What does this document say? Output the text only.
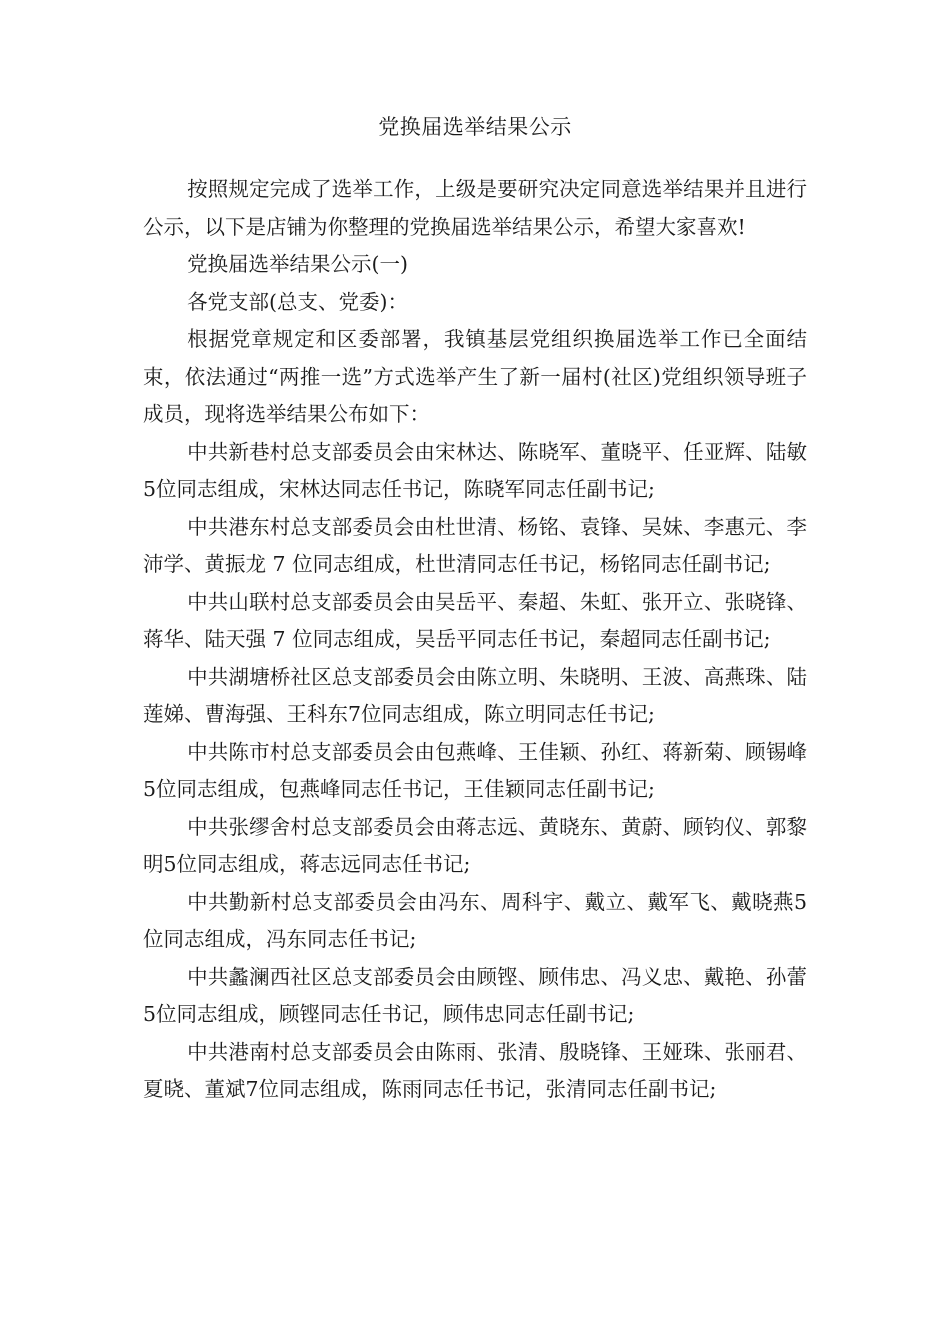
党换届选举结果公示

按照规定完成了选举工作，上级是要研究决定同意选举结果并且进行公示，以下是店铺为你整理的党换届选举结果公示，希望大家喜欢!

党换届选举结果公示(一)

各党支部(总支、党委)：

根据党章规定和区委部署，我镇基层党组织换届选举工作已全面结束，依法通过“两推一选”方式选举产生了新一届村(社区)党组织领导班子成员，现将选举结果公布如下：

中共新巷村总支部委员会由宋林达、陈晓军、董晓平、任亚辉、陆敏5位同志组成，宋林达同志任书记，陈晓军同志任副书记;

中共港东村总支部委员会由杜世清、杨铭、袁锋、吴妹、李惠元、李沛学、黄振龙 7 位同志组成，杜世清同志任书记，杨铭同志任副书记;

中共山联村总支部委员会由吴岳平、秦超、朱虹、张开立、张晓锋、蒋华、陆天强 7 位同志组成，吴岳平同志任书记，秦超同志任副书记;

中共湖塘桥社区总支部委员会由陈立明、朱晓明、王波、高燕珠、陆莲娣、曹海强、王科东7位同志组成，陈立明同志任书记;

中共陈市村总支部委员会由包燕峰、王佳颖、孙红、蒋新菊、顾锡峰5位同志组成，包燕峰同志任书记，王佳颖同志任副书记;

中共张缪舍村总支部委员会由蒋志远、黄晓东、黄蔚、顾钧仪、郭黎明5位同志组成，蒋志远同志任书记;

中共勤新村总支部委员会由冯东、周科宇、戴立、戴军飞、戴晓燕5位同志组成，冯东同志任书记;

中共蠡澜西社区总支部委员会由顾铿、顾伟忠、冯义忠、戴艳、孙蕾5位同志组成，顾铿同志任书记，顾伟忠同志任副书记;

中共港南村总支部委员会由陈雨、张清、殷晓锋、王娅珠、张丽君、夏晓、董斌7位同志组成，陈雨同志任书记，张清同志任副书记;
